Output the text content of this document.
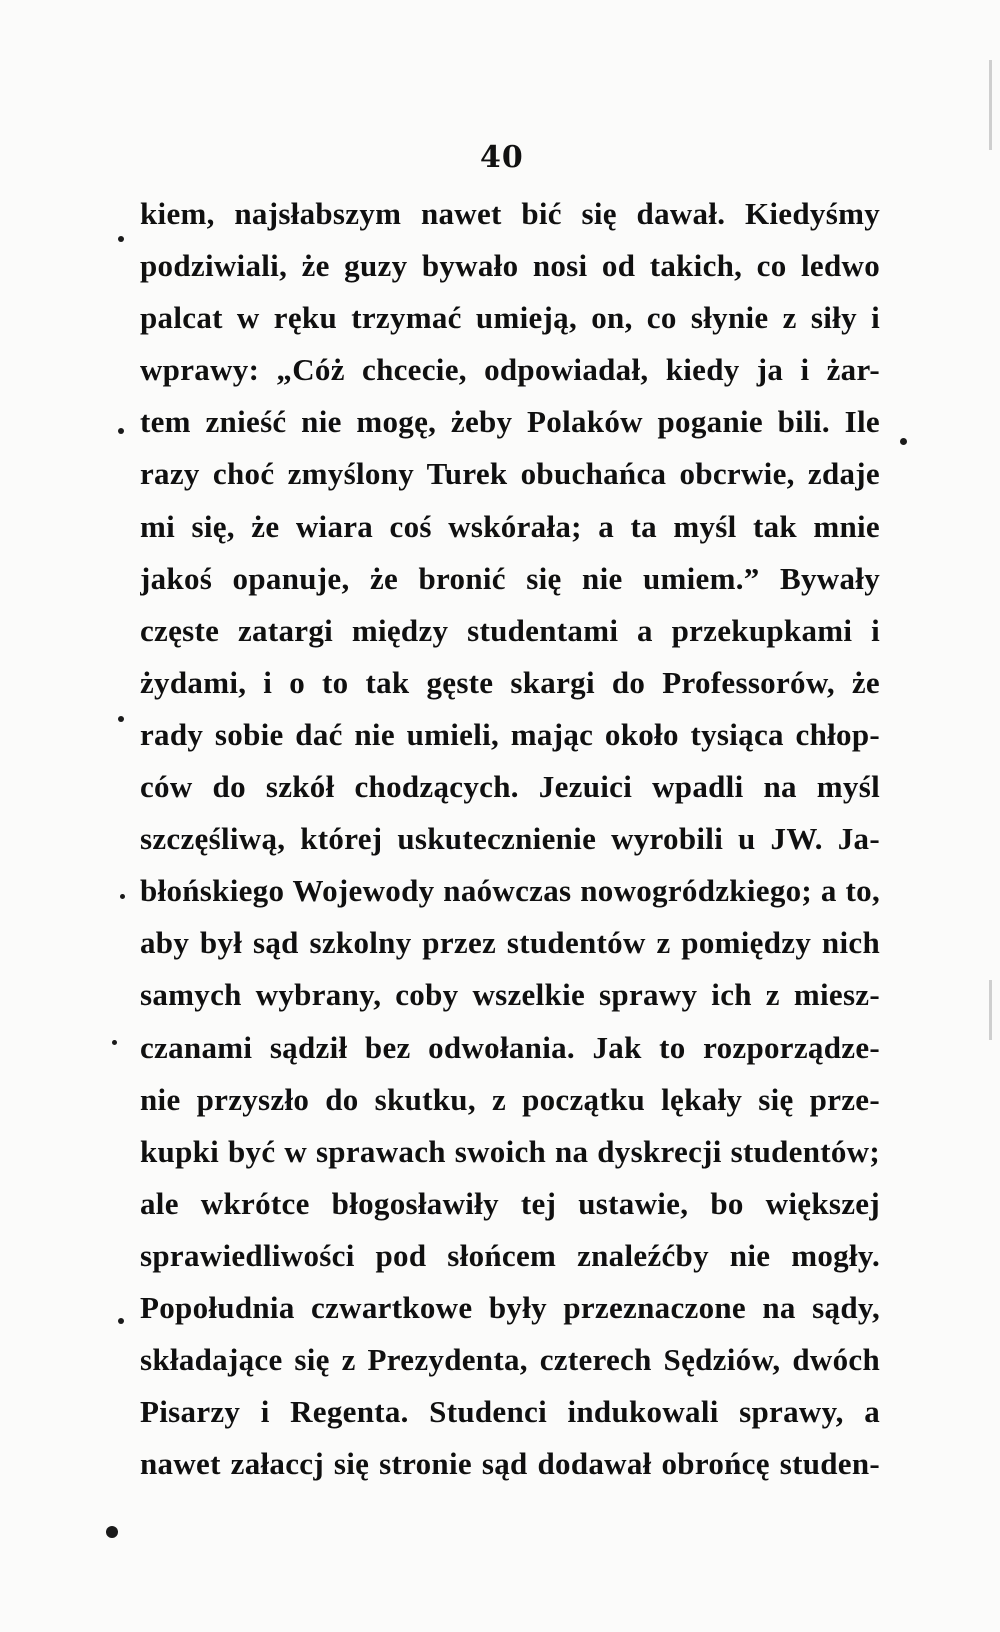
40
kiem, najsłabszym nawet bić się dawał. Kiedyśmy
podziwiali, że guzy bywało nosi od takich, co ledwo
palcat w ręku trzymać umieją, on, co słynie z siły i
wprawy: „Cóż chcecie, odpowiadał, kiedy ja i żar-
tem znieść nie mogę, żeby Polaków poganie bili. Ile
razy choć zmyślony Turek obuchańca obcrwie, zdaje
mi się, że wiara coś wskórała; a ta myśl tak mnie
jakoś opanuje, że bronić się nie umiem.” Bywały
częste zatargi między studentami a przekupkami i
żydami, i o to tak gęste skargi do Professorów, że
rady sobie dać nie umieli, mając około tysiąca chłop-
ców do szkół chodzących. Jezuici wpadli na myśl
szczęśliwą, której uskutecznienie wyrobili u JW. Ja-
błońskiego Wojewody naówczas nowogródzkiego; a to,
aby był sąd szkolny przez studentów z pomiędzy nich
samych wybrany, coby wszelkie sprawy ich z miesz-
czanami sądził bez odwołania. Jak to rozporządze-
nie przyszło do skutku, z początku lękały się prze-
kupki być w sprawach swoich na dyskrecji studentów;
ale wkrótce błogosławiły tej ustawie, bo większej
sprawiedliwości pod słońcem znaleźćby nie mogły.
Popołudnia czwartkowe były przeznaczone na sądy,
składające się z Prezydenta, czterech Sędziów, dwóch
Pisarzy i Regenta. Studenci indukowali sprawy, a
nawet załaccj się stronie sąd dodawał obrońcę studen-
